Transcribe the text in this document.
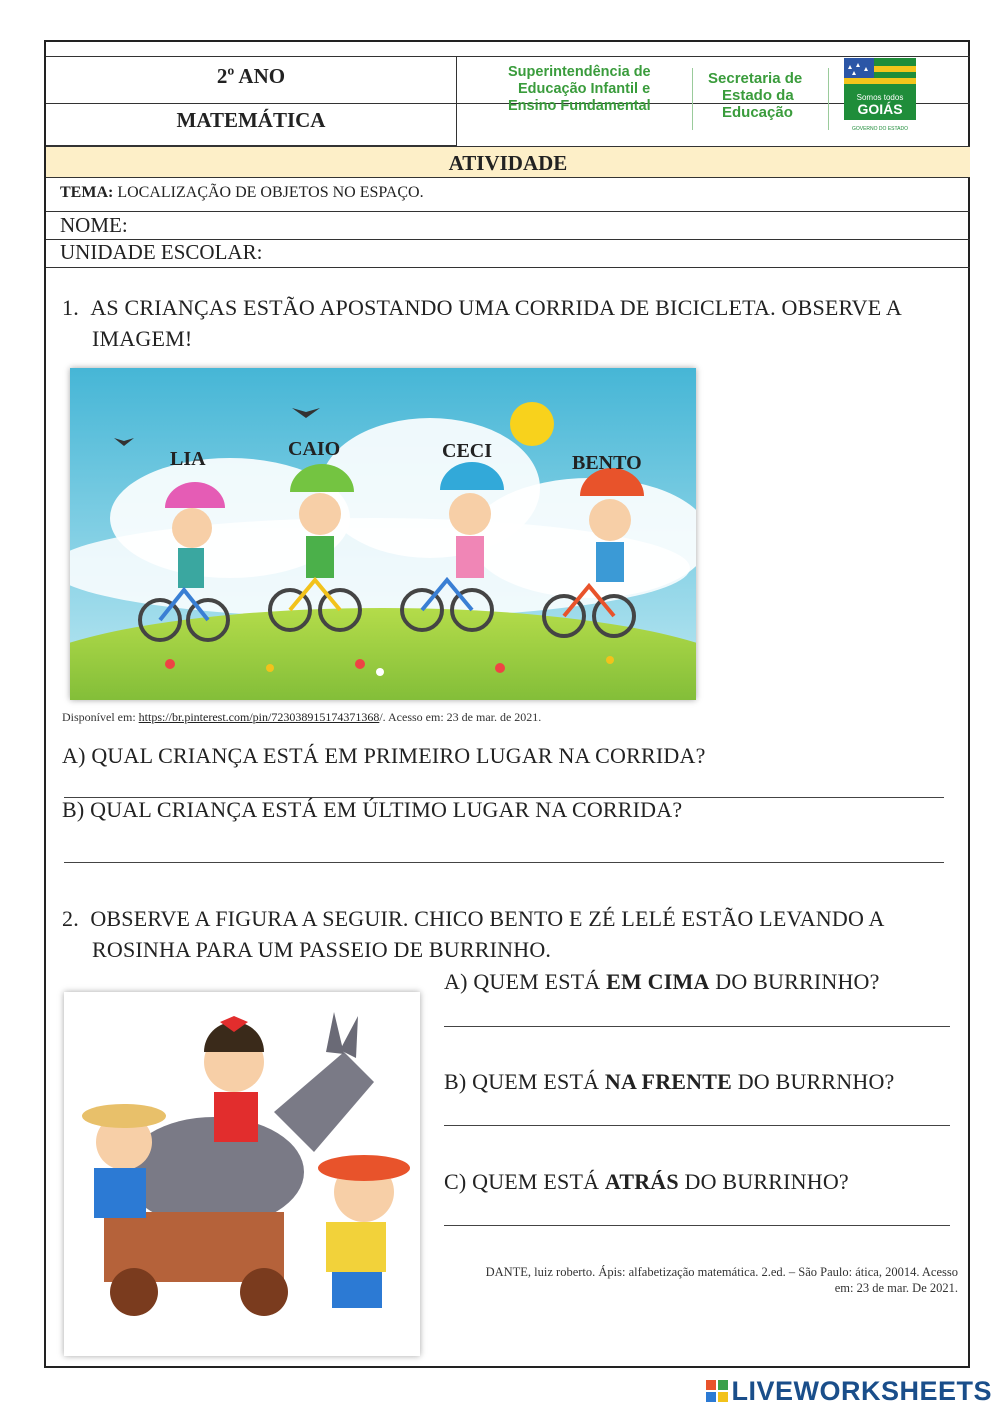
2º ANO
MATEMÁTICA
Superintendência de
Educação Infantil e
Ensino Fundamental
Secretaria de
Estado da
Educação
Somos todos
GOIÁS
GOVERNO DO ESTADO
ATIVIDADE
TEMA: LOCALIZAÇÃO DE OBJETOS NO ESPAÇO.
NOME:
UNIDADE ESCOLAR:
1. AS CRIANÇAS ESTÃO APOSTANDO UMA CORRIDA DE BICICLETA. OBSERVE A
IMAGEM!
LIA	CAIO	CECI
BENTO
Disponível em: https://br.pinterest.com/pin/723038915174371368/. Acesso em: 23 de mar. de 2021.
A) QUAL CRIANÇA ESTÁ EM PRIMEIRO LUGAR NA CORRIDA?
B) QUAL CRIANÇA ESTÁ EM ÚLTIMO LUGAR NA CORRIDA?
2. OBSERVE A FIGURA A SEGUIR. CHICO BENTO E ZÉ LELÉ ESTÃO LEVANDO A
ROSINHA PARA UM PASSEIO DE BURRINHO.
A) QUEM ESTÁ EM CIMA DO BURRINHO?
B) QUEM ESTÁ NA FRENTE DO BURRNHO?
C) QUEM ESTÁ ATRÁS DO BURRINHO?
DANTE, luiz roberto. Ápis: alfabetização matemática. 2.ed. – São Paulo: ática, 20014. Acesso
em: 23 de mar. De 2021.
LIVEWORKSHEETS
